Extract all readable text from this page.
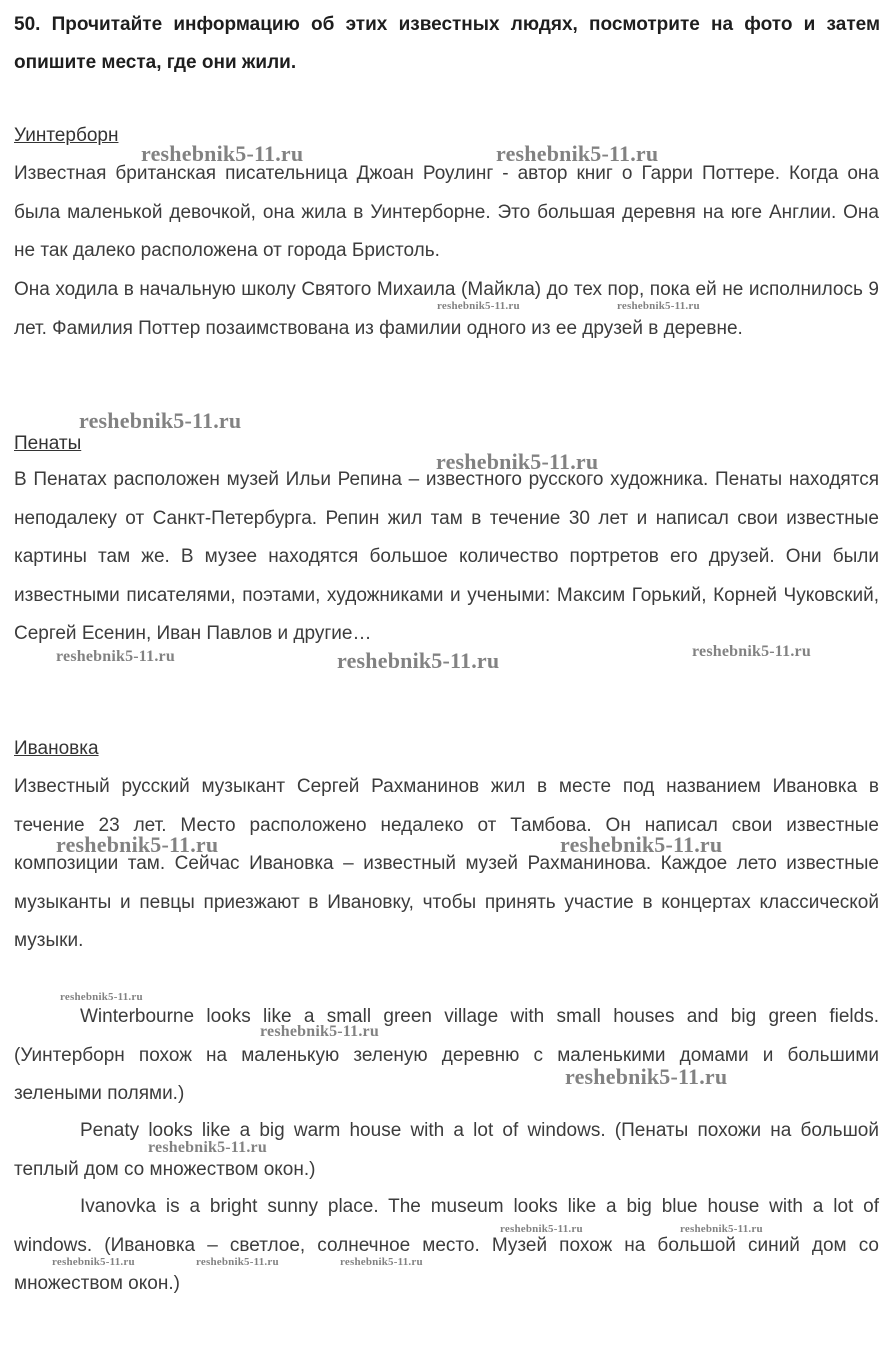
50. Прочитайте информацию об этих известных людях, посмотрите на фото и затем опишите места, где они жили.

Уинтерборн

Известная британская писательница Джоан Роулинг - автор книг о Гарри Поттере. Когда она была маленькой девочкой, она жила в Уинтерборне. Это большая деревня на юге Англии. Она не так далеко расположена от города Бристоль.

Она ходила в начальную школу Святого Михаила (Майкла) до тех пор, пока ей не исполнилось 9 лет. Фамилия Поттер позаимствована из фамилии одного из ее друзей в деревне.

Пенаты

В Пенатах расположен музей Ильи Репина – известного русского художника. Пенаты находятся неподалеку от Санкт-Петербурга. Репин жил там в течение 30 лет и написал свои известные картины там же. В музее находятся большое количество портретов его друзей. Они были известными писателями, поэтами, художниками и учеными: Максим Горький, Корней Чуковский, Сергей Есенин, Иван Павлов и другие…

Ивановка

Известный русский музыкант Сергей Рахманинов жил в месте под названием Ивановка в течение 23 лет. Место расположено недалеко от Тамбова. Он написал свои известные композиции там. Сейчас Ивановка – известный музей Рахманинова. Каждое лето известные музыканты и певцы приезжают в Ивановку, чтобы принять участие в концертах классической музыки.

Winterbourne looks like a small green village with small houses and big green fields. (Уинтерборн похож на маленькую зеленую деревню с маленькими домами и большими зелеными полями.)

Penaty looks like a big warm house with a lot of windows. (Пенаты похожи на большой теплый дом со множеством окон.)

Ivanovka is a bright sunny place. The museum looks like a big blue house with a lot of windows. (Ивановка – светлое, солнечное место. Музей похож на большой синий дом со множеством окон.)

reshebnik5-11.ru	reshebnik5-11.ru
reshebnik5-11.ru	reshebnik5-11.ru
reshebnik5-11.ru
reshebnik5-11.ru
reshebnik5-11.ru	reshebnik5-11.ru	reshebnik5-11.ru
reshebnik5-11.ru	reshebnik5-11.ru
reshebnik5-11.ru
reshebnik5-11.ru
reshebnik5-11.ru
reshebnik5-11.ru
reshebnik5-11.ru	reshebnik5-11.ru
reshebnik5-11.ru	reshebnik5-11.ru	reshebnik5-11.ru
